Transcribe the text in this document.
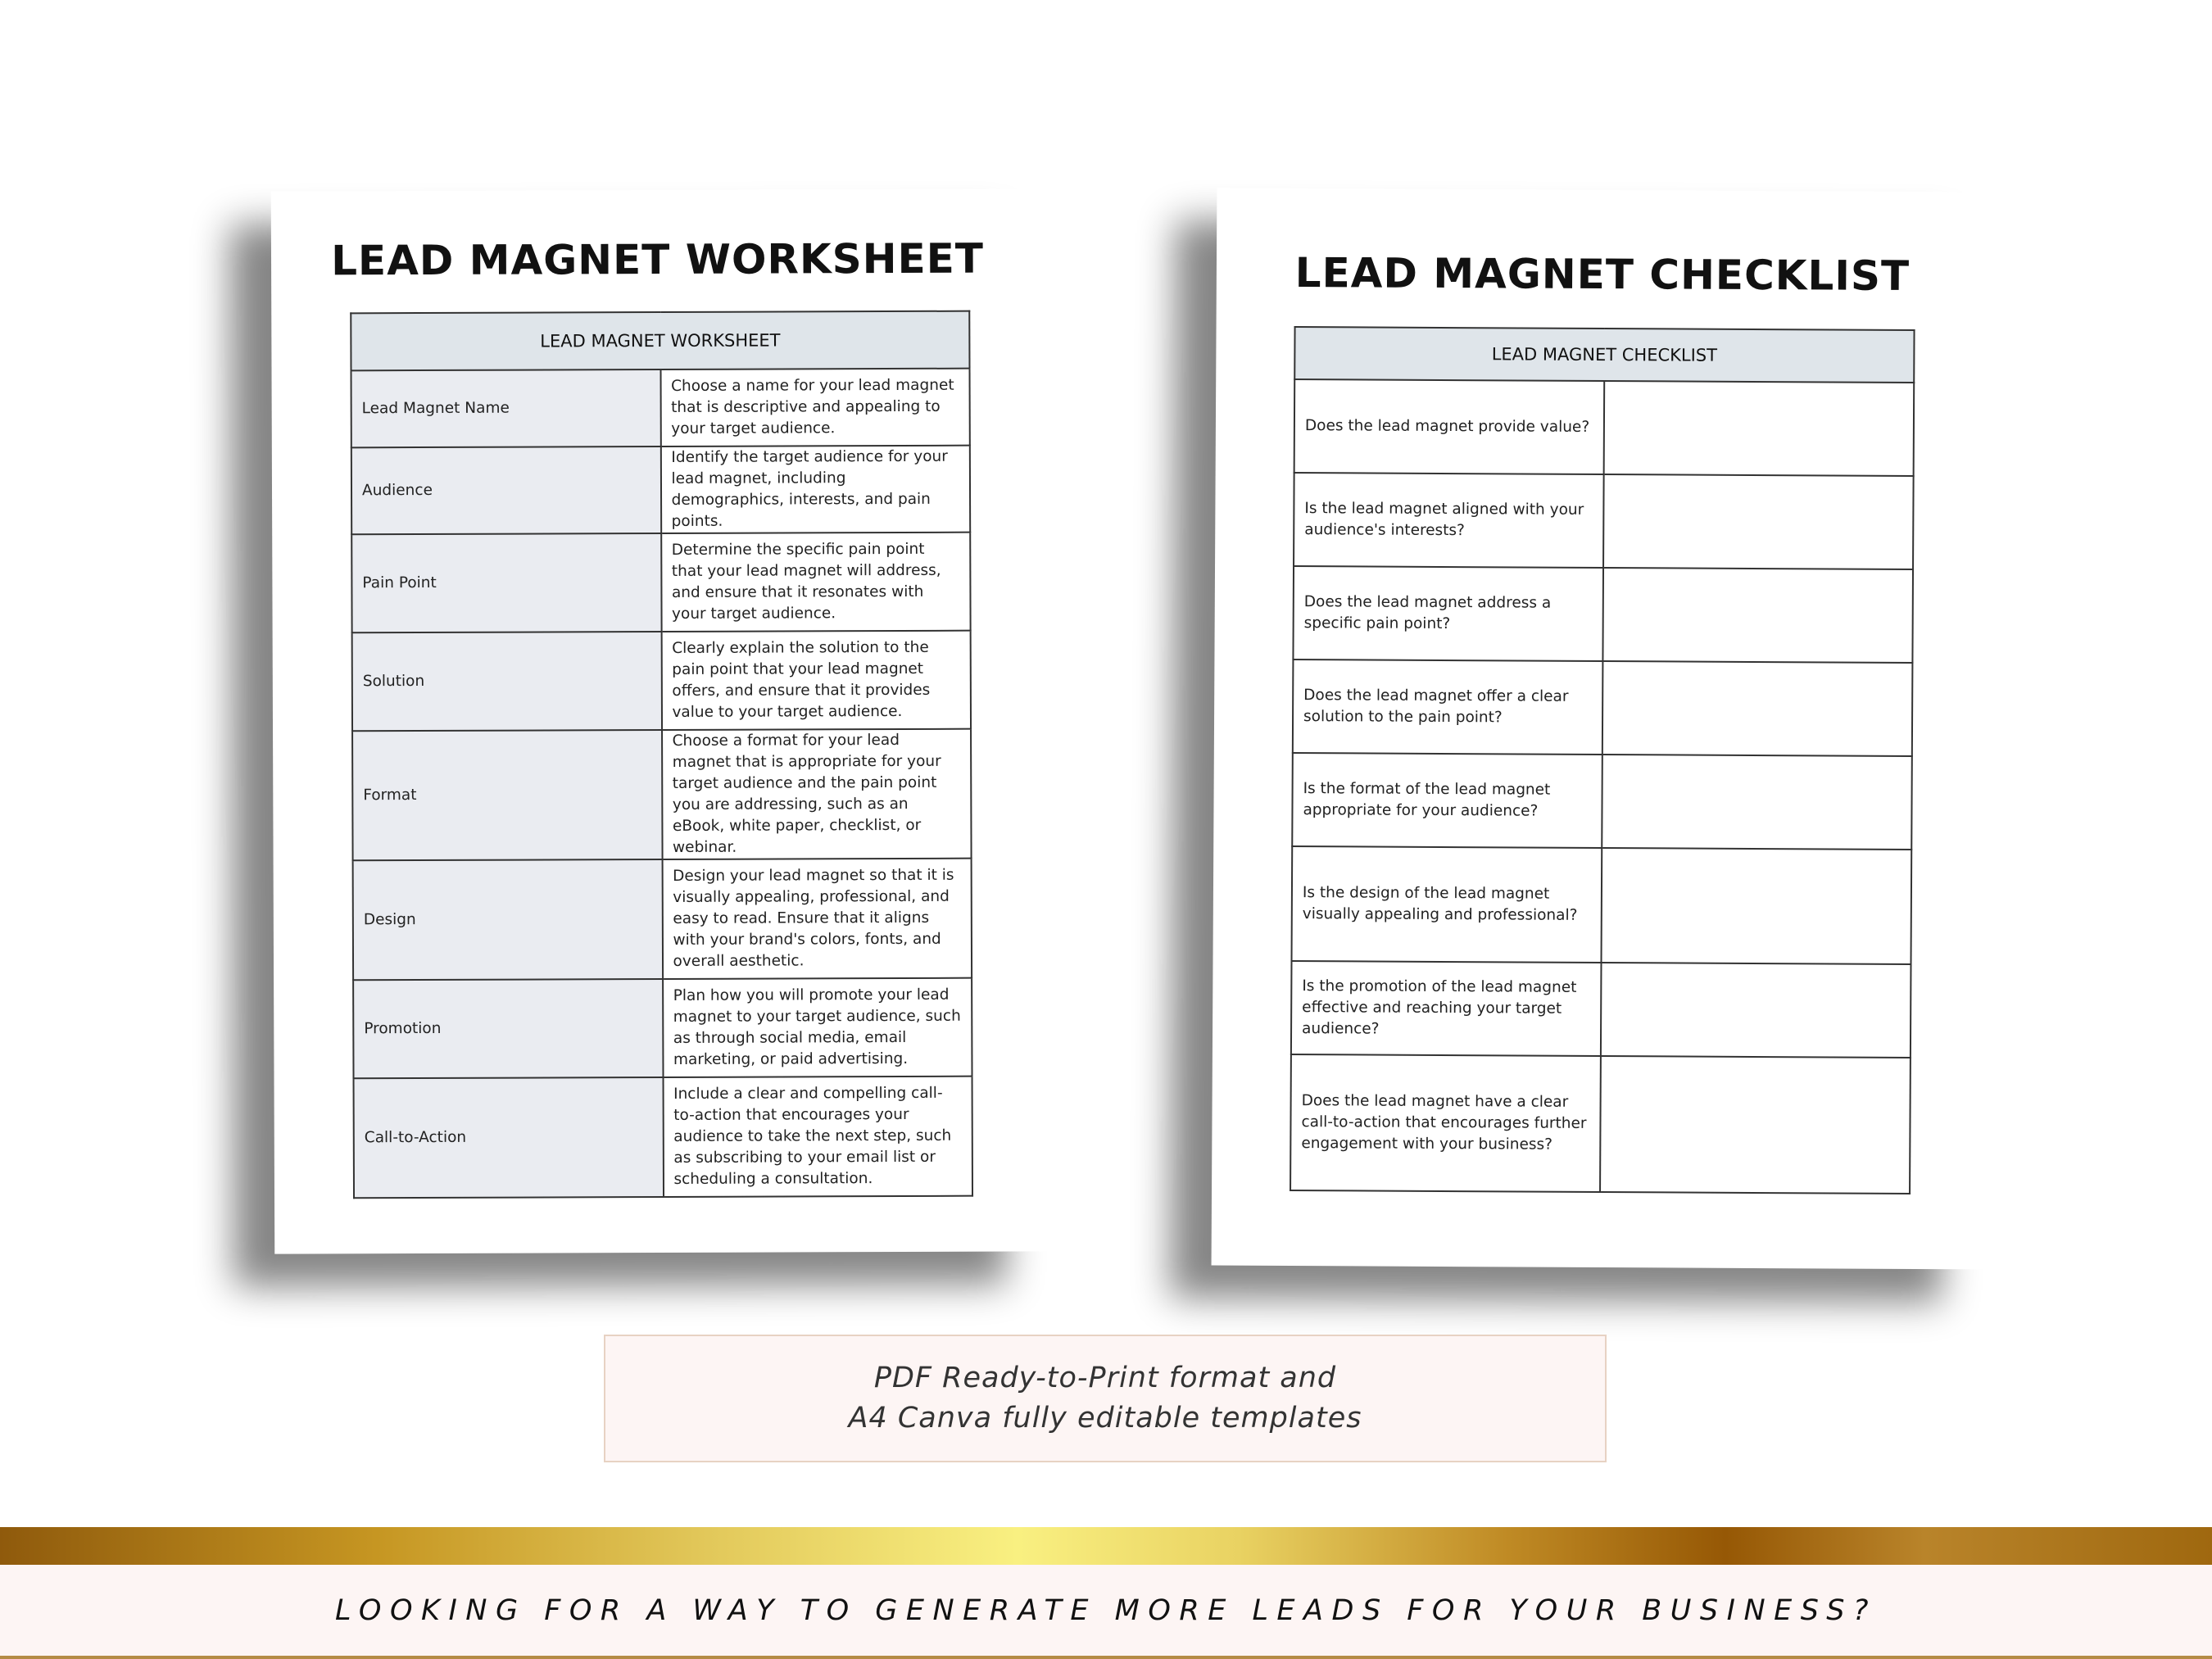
LEAD MAGNET WORKSHEET
LEAD MAGNET WORKSHEET	
Lead Magnet Name	Choose a name for your lead magnet that is descriptive and appealing to your target audience.
Audience	Identify the target audience for your lead magnet, including demographics, interests, and pain points.
Pain Point	Determine the specific pain point that your lead magnet will address, and ensure that it resonates with your target audience.
Solution	Clearly explain the solution to the pain point that your lead magnet offers, and ensure that it provides value to your target audience.
Format	Choose a format for your lead magnet that is appropriate for your target audience and the pain point you are addressing, such as an eBook, white paper, checklist, or webinar.
Design	Design your lead magnet so that it is visually appealing, professional, and easy to read. Ensure that it aligns with your brand's colors, fonts, and overall aesthetic.
Promotion	Plan how you will promote your lead magnet to your target audience, such as through social media, email marketing, or paid advertising.
Call-to-Action	Include a clear and compelling call-to-action that encourages your audience to take the next step, such as subscribing to your email list or scheduling a consultation.
LEAD MAGNET CHECKLIST
LEAD MAGNET CHECKLIST	
Does the lead magnet provide value?	
Is the lead magnet aligned with your audience's interests?	
Does the lead magnet address a specific pain point?	
Does the lead magnet offer a clear solution to the pain point?	
Is the format of the lead magnet appropriate for your audience?	
Is the design of the lead magnet visually appealing and professional?	
Is the promotion of the lead magnet effective and reaching your target audience?	
Does the lead magnet have a clear call-to-action that encourages further engagement with your business?	
PDF Ready-to-Print format and
A4 Canva fully editable templates
LOOKING FOR A WAY TO GENERATE MORE LEADS FOR YOUR BUSINESS?
